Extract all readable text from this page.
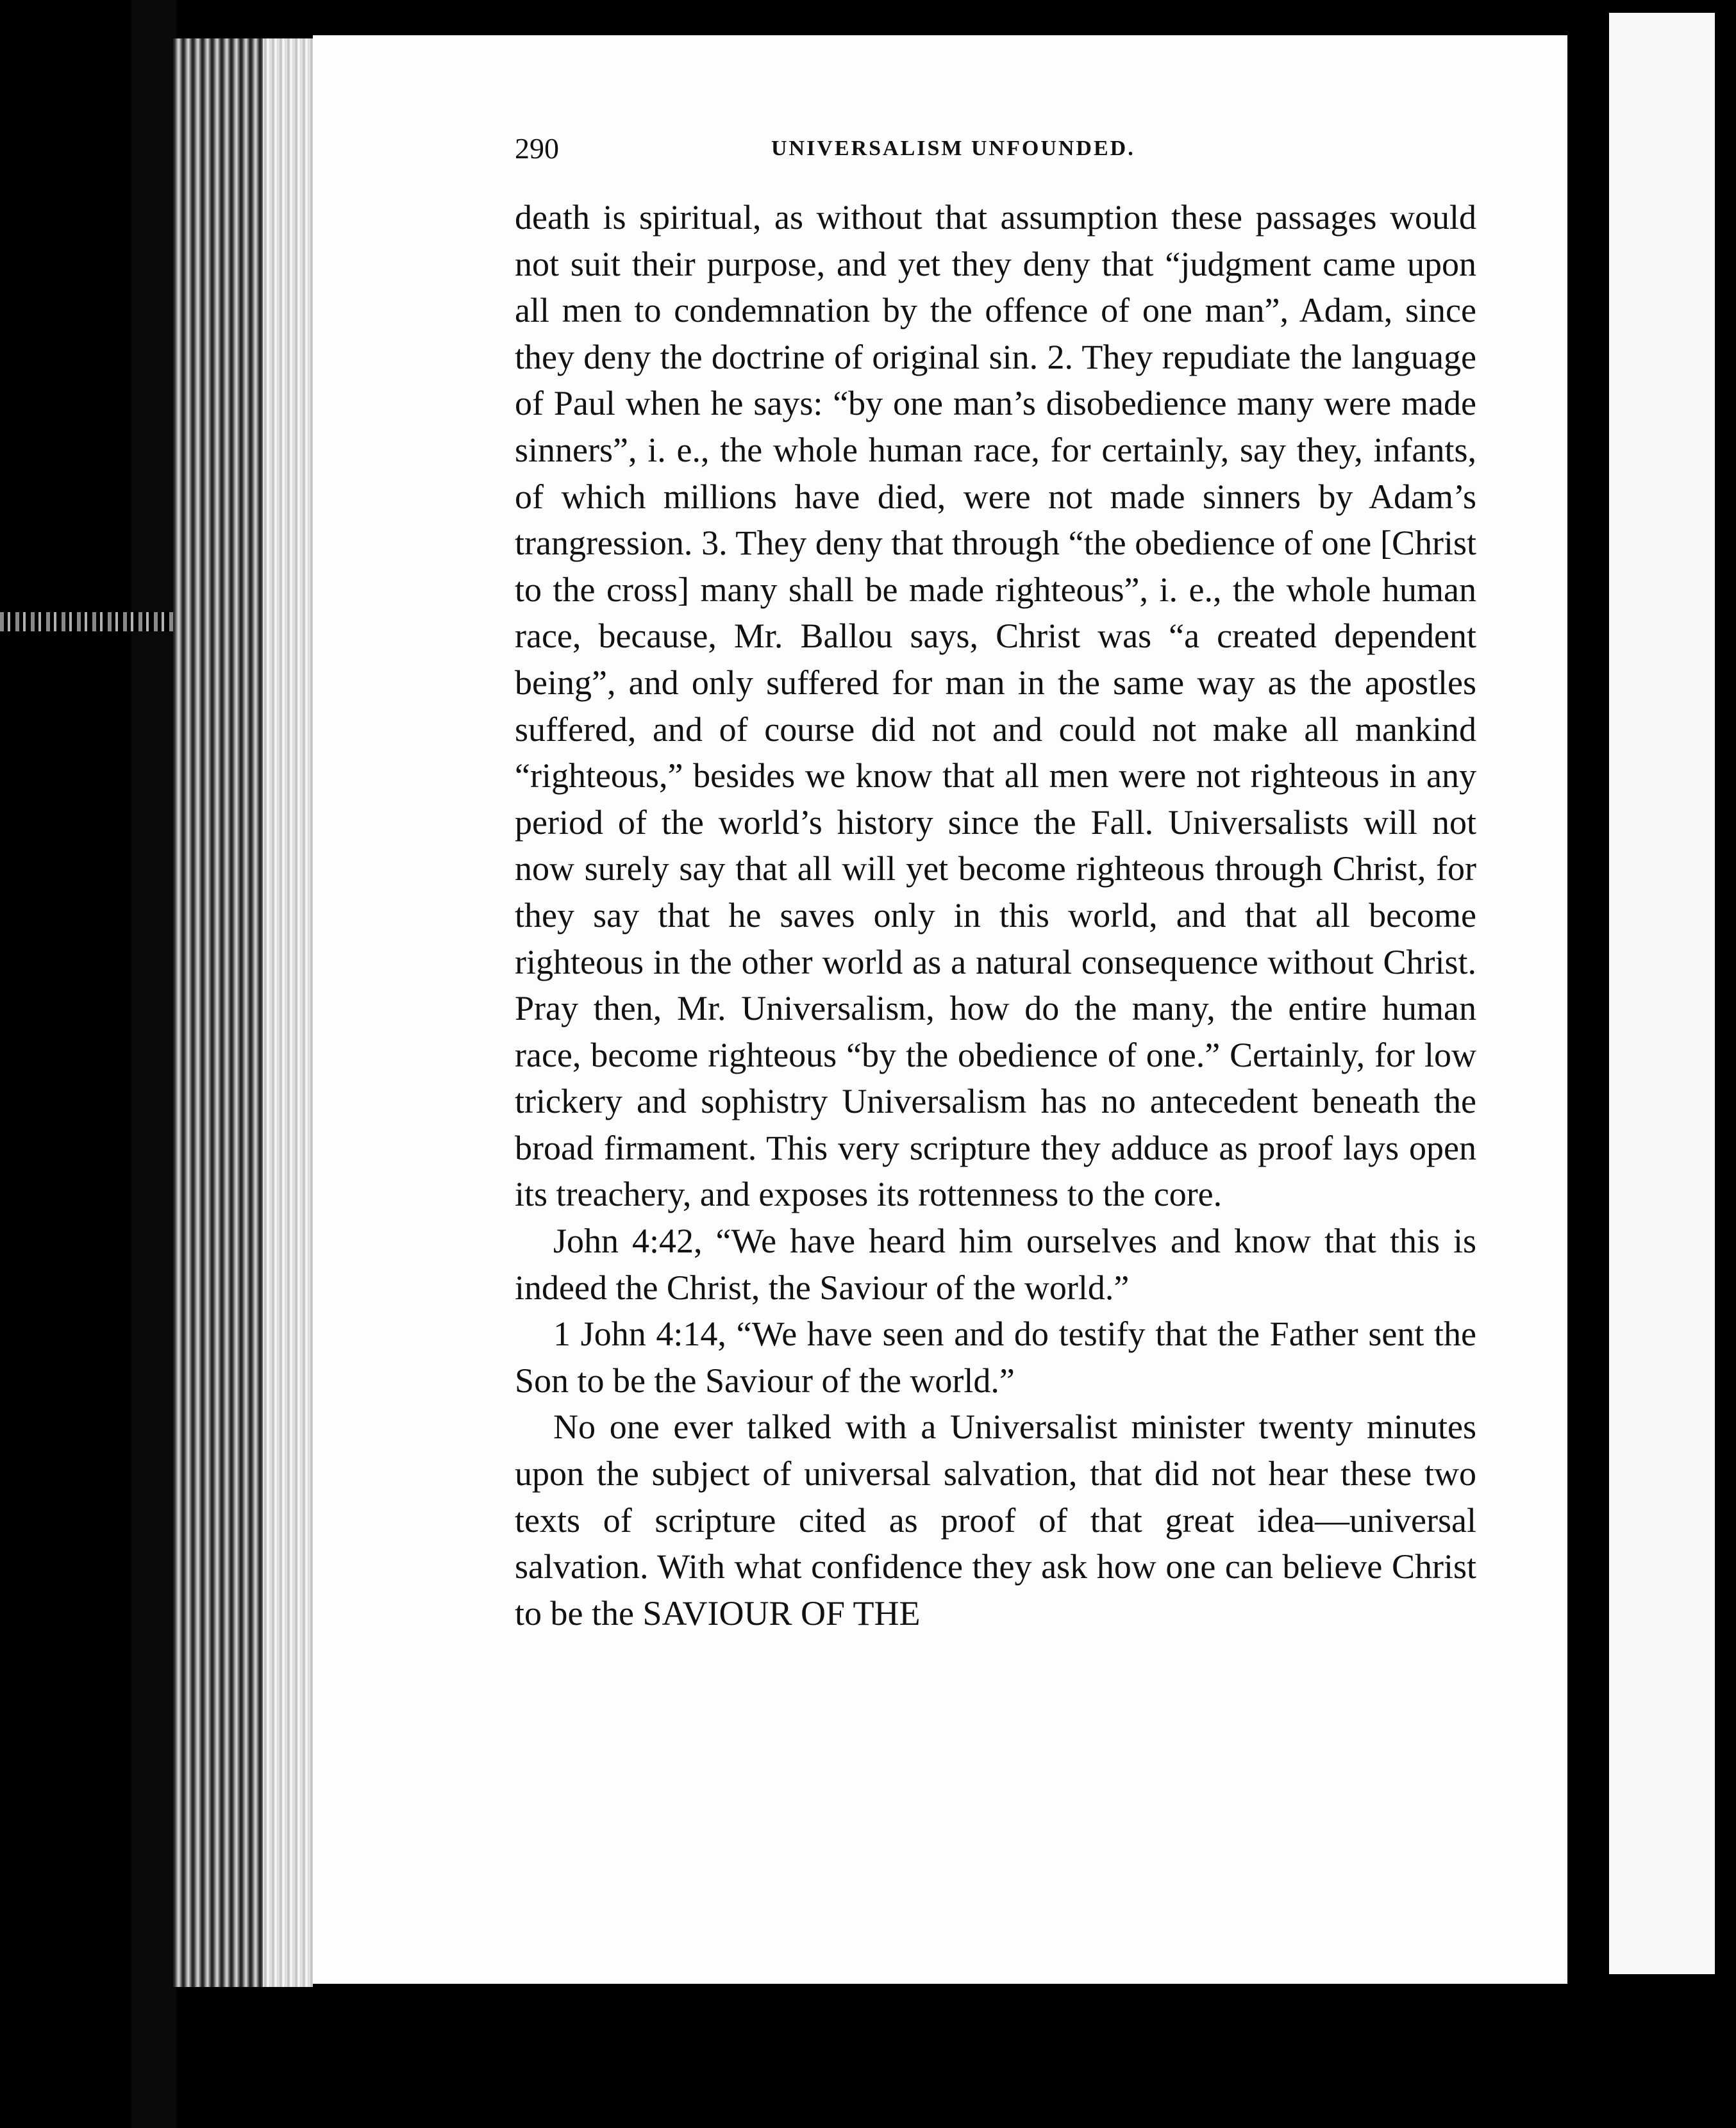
290	UNIVERSALISM UNFOUNDED.

death is spiritual, as without that assumption these passages would not suit their purpose, and yet they deny that “judgment came upon all men to condemnation by the offence of one man”, Adam, since they deny the doctrine of original sin. 2. They repudiate the language of Paul when he says: “by one man’s disobedience many were made sinners”, i. e., the whole human race, for certainly, say they, infants, of which millions have died, were not made sinners by Adam’s trangression. 3. They deny that through “the obedience of one [Christ to the cross] many shall be made righteous”, i. e., the whole human race, because, Mr. Ballou says, Christ was “a created dependent being”, and only suffered for man in the same way as the apostles suffered, and of course did not and could not make all mankind “righteous,” besides we know that all men were not righteous in any period of the world’s history since the Fall. Universalists will not now surely say that all will yet become righteous through Christ, for they say that he saves only in this world, and that all become righteous in the other world as a natural consequence without Christ. Pray then, Mr. Universalism, how do the many, the entire human race, become righteous “by the obedience of one.” Certainly, for low trickery and sophistry Universalism has no antecedent beneath the broad firmament. This very scripture they adduce as proof lays open its treachery, and exposes its rottenness to the core.

John 4:42, “We have heard him ourselves and know that this is indeed the Christ, the Saviour of the world.”

1 John 4:14, “We have seen and do testify that the Father sent the Son to be the Saviour of the world.”

No one ever talked with a Universalist minister twenty minutes upon the subject of universal salvation, that did not hear these two texts of scripture cited as proof of that great idea—universal salvation. With what confidence they ask how one can believe Christ to be the SAVIOUR OF THE
